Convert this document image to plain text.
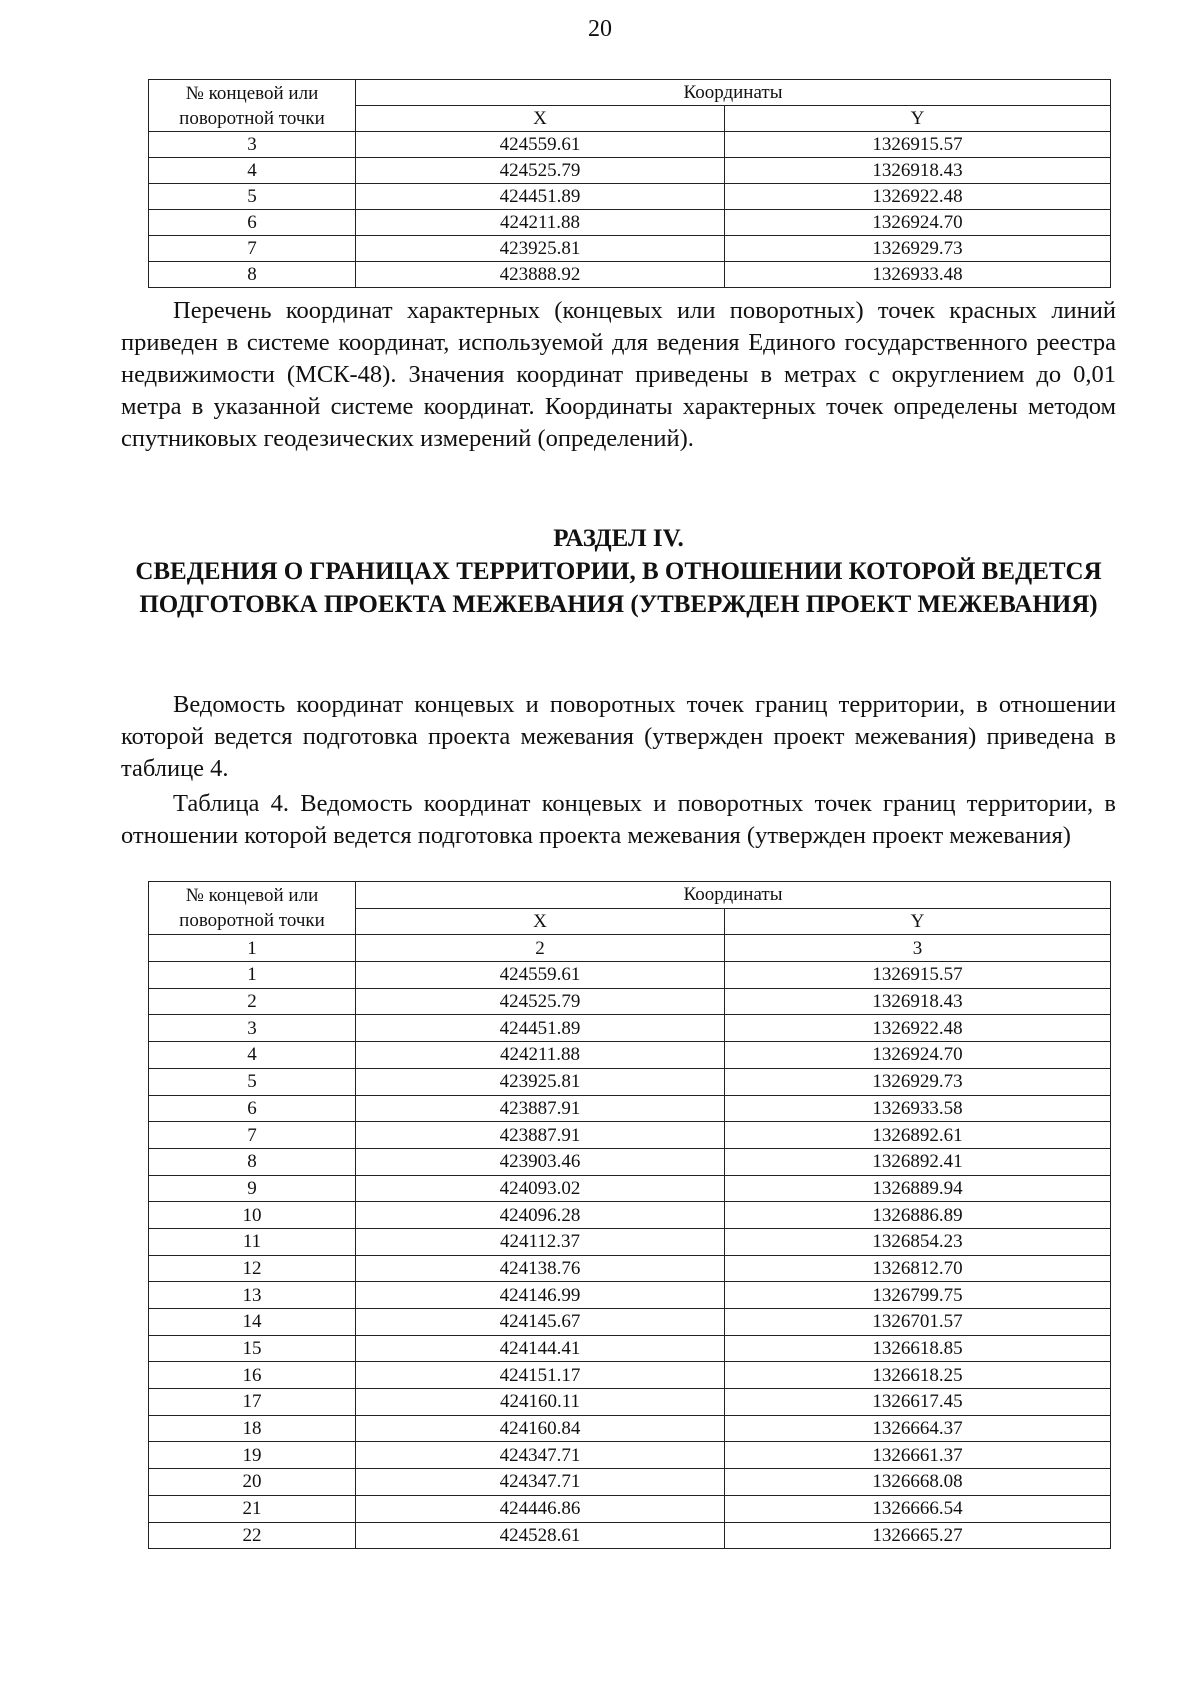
20
№ концевой или поворотной точки	Координаты	
	X	Y
3	424559.61	1326915.57
4	424525.79	1326918.43
5	424451.89	1326922.48
6	424211.88	1326924.70
7	423925.81	1326929.73
8	423888.92	1326933.48

Перечень координат характерных (концевых или поворотных) точек красных линий приведен в системе координат, используемой для ведения Единого государственного реестра недвижимости (МСК-48). Значения координат приведены в метрах с округлением до 0,01 метра в указанной системе координат. Координаты характерных точек определены методом спутниковых геодезических измерений (определений).

РАЗДЕЛ IV.
СВЕДЕНИЯ О ГРАНИЦАХ ТЕРРИТОРИИ, В ОТНОШЕНИИ КОТОРОЙ ВЕДЕТСЯ ПОДГОТОВКА ПРОЕКТА МЕЖЕВАНИЯ (УТВЕРЖДЕН ПРОЕКТ МЕЖЕВАНИЯ)

Ведомость координат концевых и поворотных точек границ территории, в отношении которой ведется подготовка проекта межевания (утвержден проект межевания) приведена в таблице 4.

Таблица 4. Ведомость координат концевых и поворотных точек границ территории, в отношении которой ведется подготовка проекта межевания (утвержден проект межевания)

№ концевой или поворотной точки	Координаты	
	X	Y
1	2	3
1	424559.61	1326915.57
2	424525.79	1326918.43
3	424451.89	1326922.48
4	424211.88	1326924.70
5	423925.81	1326929.73
6	423887.91	1326933.58
7	423887.91	1326892.61
8	423903.46	1326892.41
9	424093.02	1326889.94
10	424096.28	1326886.89
11	424112.37	1326854.23
12	424138.76	1326812.70
13	424146.99	1326799.75
14	424145.67	1326701.57
15	424144.41	1326618.85
16	424151.17	1326618.25
17	424160.11	1326617.45
18	424160.84	1326664.37
19	424347.71	1326661.37
20	424347.71	1326668.08
21	424446.86	1326666.54
22	424528.61	1326665.27
